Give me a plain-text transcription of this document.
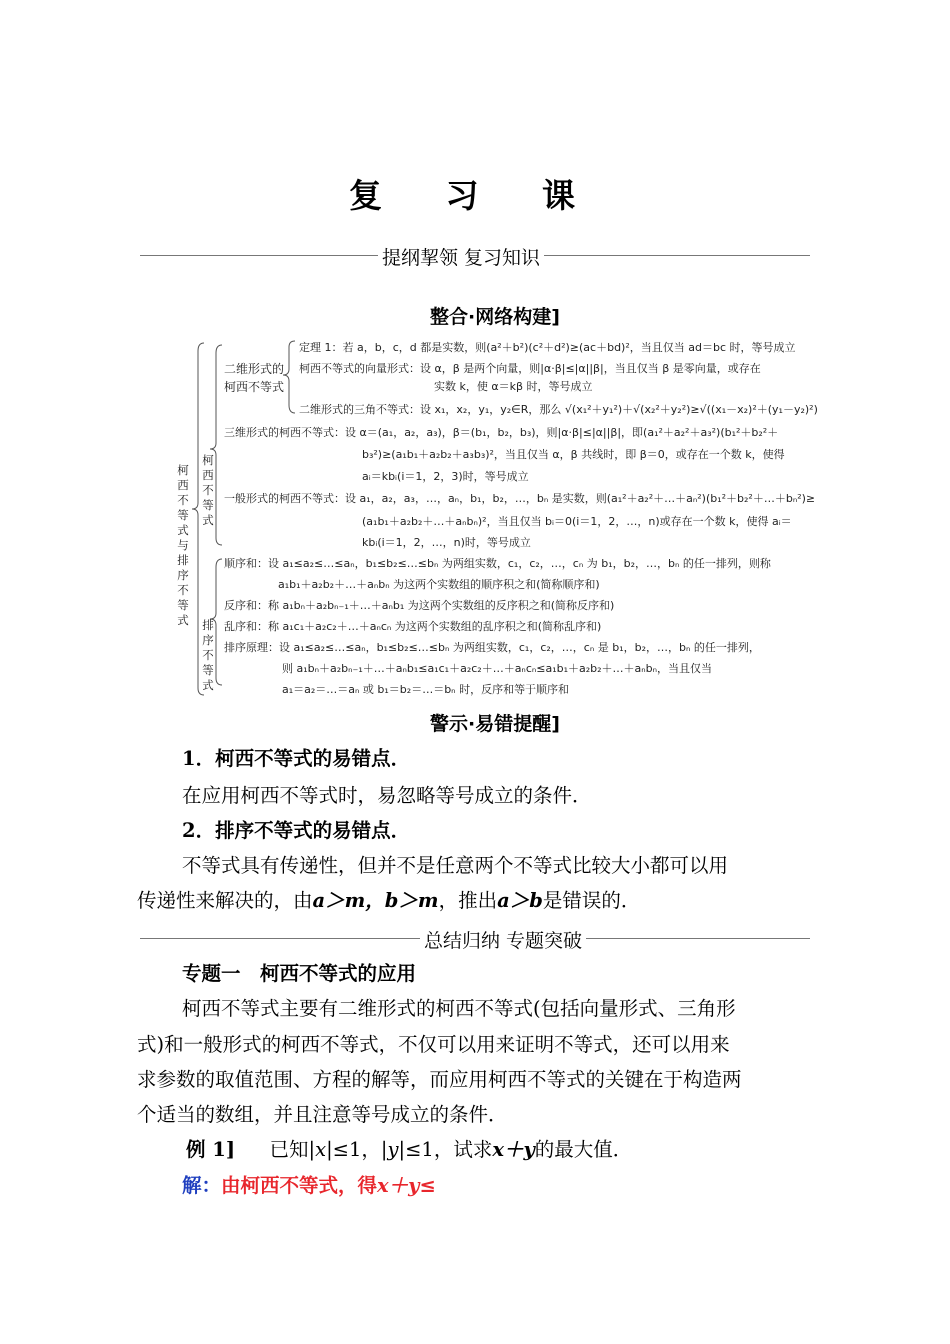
复 习 课
提纲挈领 复习知识
整合·网络构建]
柯西不等式与排序不等式
柯西不等式
排序不等式
二维形式的
柯西不等式
定理 1：若 a，b，c，d 都是实数，则(a²＋b²)(c²＋d²)≥(ac＋bd)²，当且仅当 ad＝bc 时，等号成立
柯西不等式的向量形式：设 α，β 是两个向量，则|α·β|≤|α||β|，当且仅当 β 是零向量，或存在
实数 k，使 α＝kβ 时，等号成立
二维形式的三角不等式：设 x₁，x₂，y₁，y₂∈R，那么 √(x₁²＋y₁²)＋√(x₂²＋y₂²)≥√((x₁－x₂)²＋(y₁－y₂)²)
三维形式的柯西不等式：设 α＝(a₁，a₂，a₃)，β＝(b₁，b₂，b₃)，则|α·β|≤|α||β|，即(a₁²＋a₂²＋a₃²)(b₁²＋b₂²＋
b₃²)≥(a₁b₁＋a₂b₂＋a₃b₃)²，当且仅当 α，β 共线时，即 β＝0，或存在一个数 k，使得
aᵢ＝kbᵢ(i＝1，2，3)时，等号成立
一般形式的柯西不等式：设 a₁，a₂，a₃，…，aₙ，b₁，b₂，…，bₙ 是实数，则(a₁²＋a₂²＋…＋aₙ²)(b₁²＋b₂²＋…＋bₙ²)≥
(a₁b₁＋a₂b₂＋…＋aₙbₙ)²，当且仅当 bᵢ＝0(i＝1，2，…，n)或存在一个数 k，使得 aᵢ＝
kbᵢ(i＝1，2，…，n)时，等号成立
顺序和：设 a₁≤a₂≤…≤aₙ，b₁≤b₂≤…≤bₙ 为两组实数，c₁，c₂，…，cₙ 为 b₁，b₂，…，bₙ 的任一排列，则称
a₁b₁＋a₂b₂＋…＋aₙbₙ 为这两个实数组的顺序积之和(简称顺序和)
反序和：称 a₁bₙ＋a₂bₙ₋₁＋…＋aₙb₁ 为这两个实数组的反序积之和(简称反序和)
乱序和：称 a₁c₁＋a₂c₂＋…＋aₙcₙ 为这两个实数组的乱序积之和(简称乱序和)
排序原理：设 a₁≤a₂≤…≤aₙ，b₁≤b₂≤…≤bₙ 为两组实数，c₁，c₂，…，cₙ 是 b₁，b₂，…，bₙ 的任一排列，
则 a₁bₙ＋a₂bₙ₋₁＋…＋aₙb₁≤a₁c₁＋a₂c₂＋…＋aₙcₙ≤a₁b₁＋a₂b₂＋…＋aₙbₙ，当且仅当
a₁＝a₂＝…＝aₙ 或 b₁＝b₂＝…＝bₙ 时，反序和等于顺序和
警示·易错提醒]
1．柯西不等式的易错点．
在应用柯西不等式时，易忽略等号成立的条件．
2．排序不等式的易错点．
不等式具有传递性，但并不是任意两个不等式比较大小都可以用
传递性来解决的，由a＞m，b＞m，推出a＞b是错误的．
总结归纳 专题突破
专题一　柯西不等式的应用
柯西不等式主要有二维形式的柯西不等式(包括向量形式、三角形
式)和一般形式的柯西不等式，不仅可以用来证明不等式，还可以用来
求参数的取值范围、方程的解等，而应用柯西不等式的关键在于构造两
个适当的数组，并且注意等号成立的条件．
例 1] 已知|x|≤1，|y|≤1，试求x＋y的最大值．
解：由柯西不等式，得x＋y≤
